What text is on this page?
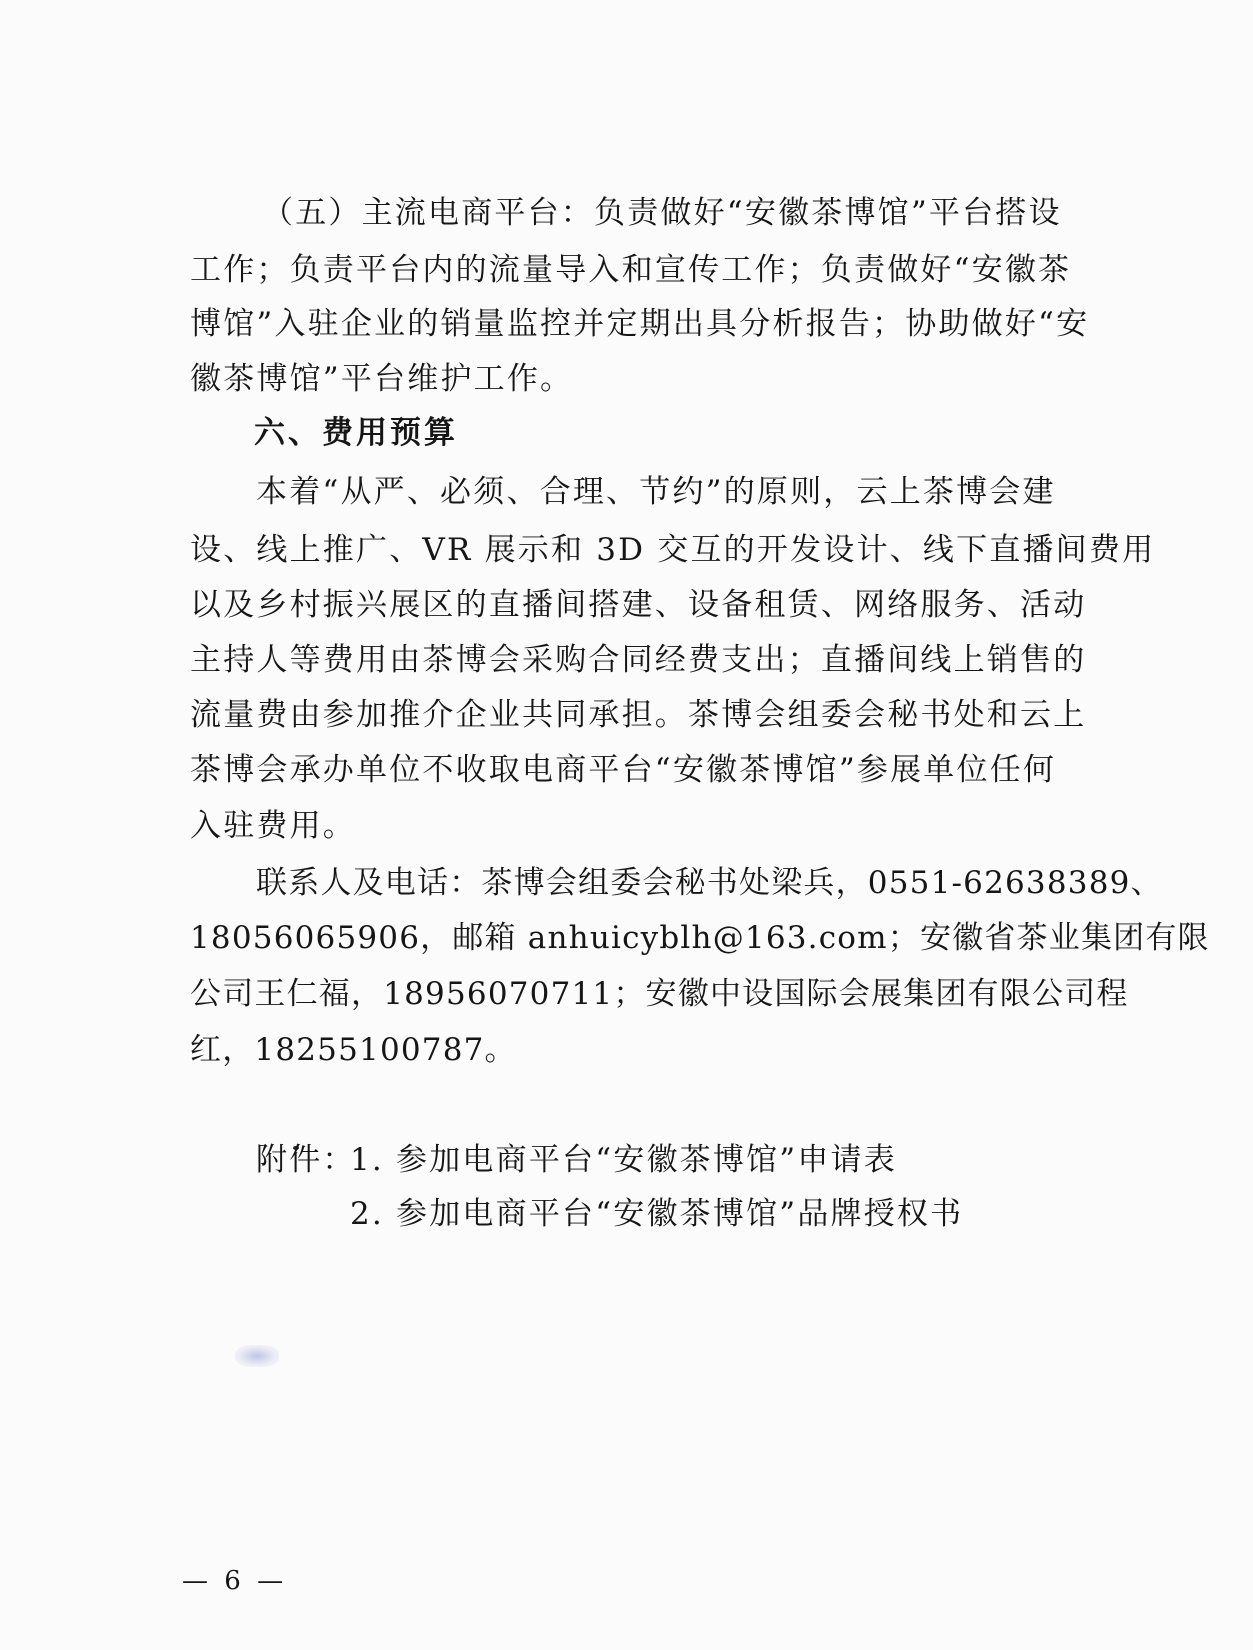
（五）主流电商平台：负责做好“安徽茶博馆”平台搭设
工作；负责平台内的流量导入和宣传工作；负责做好“安徽茶
博馆”入驻企业的销量监控并定期出具分析报告；协助做好“安
徽茶博馆”平台维护工作。
六、费用预算
本着“从严、必须、合理、节约”的原则，云上茶博会建
设、线上推广、VR 展示和 3D 交互的开发设计、线下直播间费用
以及乡村振兴展区的直播间搭建、设备租赁、网络服务、活动
主持人等费用由茶博会采购合同经费支出；直播间线上销售的
流量费由参加推介企业共同承担。茶博会组委会秘书处和云上
茶博会承办单位不收取电商平台“安徽茶博馆”参展单位任何
入驻费用。
联系人及电话：茶博会组委会秘书处梁兵，0551-62638389、
18056065906，邮箱 anhuicyblh@163.com；安徽省茶业集团有限
公司王仁福，18956070711；安徽中设国际会展集团有限公司程
红，18255100787。
附件：
1. 参加电商平台“安徽茶博馆”申请表
2. 参加电商平台“安徽茶博馆”品牌授权书
— 6 —
